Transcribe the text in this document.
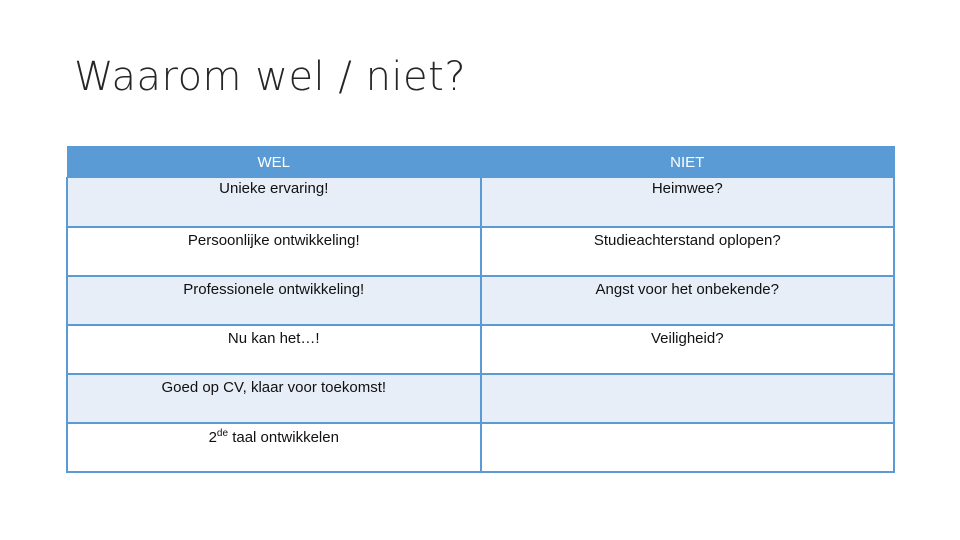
Waarom wel / niet?
WEL	NIET
Unieke ervaring!	Heimwee?
Persoonlijke ontwikkeling!	Studieachterstand oplopen?
Professionele ontwikkeling!	Angst voor het onbekende?
Nu kan het…!	Veiligheid?
Goed op CV, klaar voor toekomst!	
2de taal ontwikkelen	
